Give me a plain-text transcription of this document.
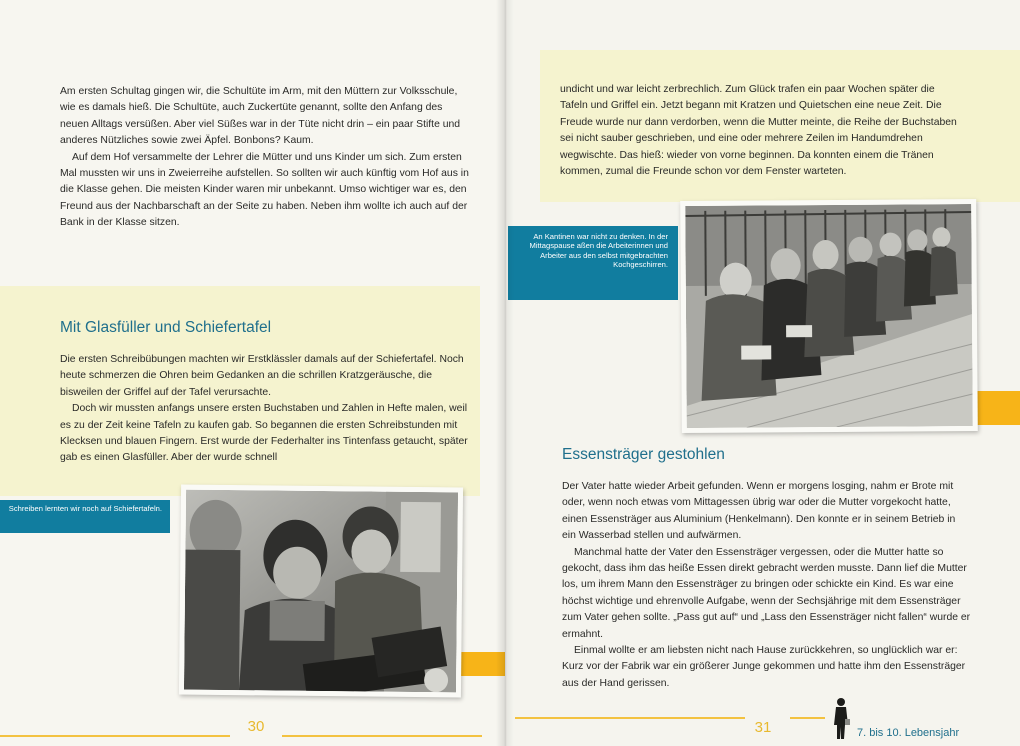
Am ersten Schultag gingen wir, die Schultüte im Arm, mit den Müttern zur Volksschule, wie es damals hieß. Die Schultüte, auch Zuckertüte genannt, sollte den Anfang des neuen Alltags versüßen. Aber viel Süßes war in der Tüte nicht drin – ein paar Stifte und anderes Nützliches sowie zwei Äpfel. Bonbons? Kaum.

Auf dem Hof versammelte der Lehrer die Mütter und uns Kinder um sich. Zum ersten Mal mussten wir uns in Zweierreihe aufstellen. So sollten wir auch künftig vom Hof aus in die Klasse gehen. Die meisten Kinder waren mir unbekannt. Umso wichtiger war es, den Freund aus der Nachbarschaft an der Seite zu haben. Neben ihm wollte ich auch auf der Bank in der Klasse sitzen.

Mit Glasfüller und Schiefertafel

Die ersten Schreibübungen machten wir Erstklässler damals auf der Schiefertafel. Noch heute schmerzen die Ohren beim Gedanken an die schrillen Kratzgeräusche, die bisweilen der Griffel auf der Tafel verursachte.

Doch wir mussten anfangs unsere ersten Buchstaben und Zahlen in Hefte malen, weil es zu der Zeit keine Tafeln zu kaufen gab. So begannen die ersten Schreibstunden mit Klecksen und blauen Fingern. Erst wurde der Federhalter ins Tintenfass getaucht, später gab es einen Glasfüller. Aber der wurde schnell

Schreiben lernten wir noch auf Schiefertafeln.
30

undicht und war leicht zerbrechlich. Zum Glück trafen ein paar Wochen später die Tafeln und Griffel ein. Jetzt begann mit Kratzen und Quietschen eine neue Zeit. Die Freude wurde nur dann verdorben, wenn die Mutter meinte, die Reihe der Buchstaben sei nicht sauber geschrieben, und eine oder mehrere Zeilen im Handumdrehen wegwischte. Das hieß: wieder von vorne beginnen. Da konnten einem die Tränen kommen, zumal die Freunde schon vor dem Fenster warteten.

An Kantinen war nicht zu denken. In der Mittagspause aßen die Arbeiterinnen und Arbeiter aus den selbst mitgebrachten Kochgeschirren.
Essensträger gestohlen

Der Vater hatte wieder Arbeit gefunden. Wenn er morgens losging, nahm er Brote mit oder, wenn noch etwas vom Mittagessen übrig war oder die Mutter vorgekocht hatte, einen Essensträger aus Aluminium (Henkelmann). Den konnte er in seinem Betrieb in ein Wasserbad stellen und aufwärmen.

Manchmal hatte der Vater den Essensträger vergessen, oder die Mutter hatte so gekocht, dass ihm das heiße Essen direkt gebracht werden musste. Dann lief die Mutter los, um ihrem Mann den Essensträger zu bringen oder schickte ein Kind. Es war eine höchst wichtige und ehrenvolle Aufgabe, wenn der Sechsjährige mit dem Essensträger zum Vater gehen sollte. „Pass gut auf“ und „Lass den Essensträger nicht fallen“ wurde er ermahnt.

Einmal wollte er am liebsten nicht nach Hause zurückkehren, so unglücklich war er: Kurz vor der Fabrik war ein größerer Junge gekommen und hatte ihm den Essensträger aus der Hand gerissen.

31	7. bis 10. Lebensjahr
